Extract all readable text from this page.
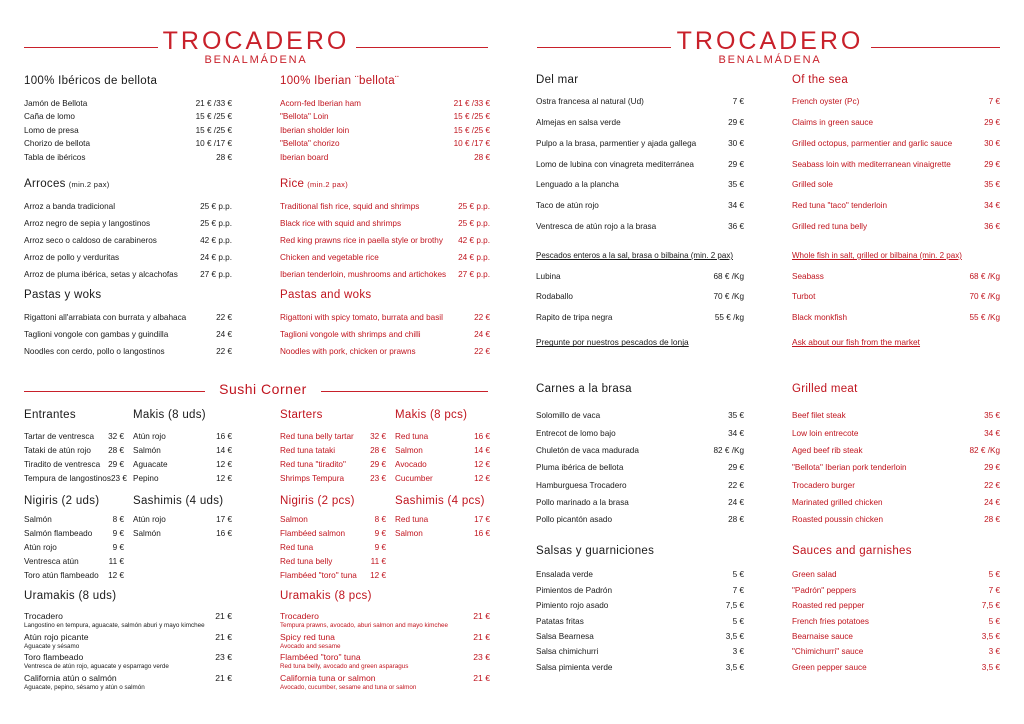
TROCADERO
BENALMÁDENA
TROCADERO
BENALMÁDENA
100% Ibéricos de bellota
Jamón de Bellota	21 € /33 €
Caña de lomo	15 € /25 €
Lomo de presa	15 € /25 €
Chorizo de bellota	10 € /17 €
Tabla de ibéricos	28 €
Arroces (min.2 pax)
Arroz a banda tradicional	25 € p.p.
Arroz negro de sepia y langostinos	25 € p.p.
Arroz seco o caldoso de carabineros	42 € p.p.
Arroz de pollo y verduritas	24 € p.p.
Arroz de pluma ibérica, setas y alcachofas	27 € p.p.
Pastas y woks
Rigattoni all'arrabiata con burrata y albahaca	22 €
Taglioni vongole con gambas y guindilla	24 €
Noodles con cerdo, pollo o langostinos	22 €
100% Iberian ¨bellota¨
Acorn-fed Iberian ham	21 € /33 €
"Bellota" Loin	15 € /25 €
Iberian sholder loin	15 € /25 €
"Bellota" chorizo	10 € /17 €
Iberian board	28 €
Rice (min.2 pax)
Traditional fish rice, squid and shrimps	25 € p.p.
Black rice with squid and shrimps	25 € p.p.
Red king prawns rice in paella style or brothy 42 € p.p.
Chicken and vegetable rice	24 € p.p.
Iberian tenderloin, mushrooms and artichokes 27 € p.p.
Pastas and woks
Rigattoni with spicy tomato, burrata and basil	22 €
Taglioni vongole with shrimps and chilli	24 €
Noodles with pork, chicken or prawns	22 €
Sushi Corner
Entrantes
Tartar de ventresca 32 €
Tataki de atún rojo 28 €
Tiradito de ventresca 29 €
Tempura de langostinos 23 €
Makis (8 uds)
Atún rojo	16 €
Salmón	14 €
Aguacate	12 €
Pepino	12 €
Nigiris (2 uds)
Salmón	8 €
Salmón flambeado 9 €
Atún rojo	9 €
Ventresca atún	11 €
Toro atún flambeado 12 €
Sashimis (4 uds)
Atún rojo	17 €
Salmón	16 €
Uramakis (8 uds)
Trocadero	21 €
Langostino en tempura, aguacate, salmón aburi y mayo kimchee
Atún rojo picante	21 €
Aguacate y sésamo
Toro flambeado	23 €
Ventresca de atún rojo, aguacate y esparrago verde
California atún o salmón	21 €
Aguacate, pepino, sésamo y atún o salmón
Starters
Red tuna belly tartar 32 €
Red tuna tataki	28 €
Red tuna "tiradito"	29 €
Shrimps Tempura	23 €
Makis (8 pcs)
Red tuna	16 €
Salmon	14 €
Avocado	12 €
Cucumber	12 €
Nigiris (2 pcs)
Salmon	8 €
Flambéed salmon	9 €
Red tuna	9 €
Red tuna belly	11 €
Flambéed "toro" tuna 12 €
Sashimis (4 pcs)
Red tuna	17 €
Salmon	16 €
Uramakis (8 pcs)
Trocadero	21 €
Tempura prawns, avocado, aburi salmon and mayo kimchee
Spicy red tuna	21 €
Avocado and sesame
Flambéed "toro" tuna	23 €
Red tuna belly, avocado and green asparagus
California tuna or salmon	21 €
Avocado, cucumber, sesame and tuna or salmon
Del mar
Ostra francesa al natural (Ud)	7 €
Almejas en salsa verde	29 €
Pulpo a la brasa, parmentier y ajada gallega	30 €
Lomo de lubina con vinagreta mediterránea	29 €
Lenguado a la plancha	35 €
Taco de atún rojo	34 €
Ventresca de atún rojo a la brasa	36 €
Pescados enteros a la sal, brasa o bilbaina (min. 2 pax)
Lubina	68 € /Kg
Rodaballo	70 € /Kg
Rapito de tripa negra	55 € /kg
Pregunte por nuestros pescados de lonja
Carnes a la brasa
Solomillo de vaca	35 €
Entrecot de lomo bajo	34 €
Chuletón de vaca madurada	82 € /Kg
Pluma ibérica de bellota	29 €
Hamburguesa Trocadero	22 €
Pollo marinado a la brasa	24 €
Pollo picantón asado	28 €
Salsas y guarniciones
Ensalada verde	5 €
Pimientos de Padrón	7 €
Pimiento rojo asado	7,5 €
Patatas fritas	5 €
Salsa Bearnesa	3,5 €
Salsa chimichurri	3 €
Salsa pimienta verde	3,5 €
Of the sea
French oyster (Pc)	7 €
Claims in green sauce	29 €
Grilled octopus, parmentier and garlic sauce	30 €
Seabass loin with mediterranean vinaigrette	29 €
Grilled sole	35 €
Red tuna "taco" tenderloin	34 €
Grilled red tuna belly	36 €
Whole fish in salt, grilled or bilbaina (min. 2 pax)
Seabass	68 € /Kg
Turbot	70 € /Kg
Black monkfish	55 € /Kg
Ask about our fish from the market
Grilled meat
Beef filet steak	35 €
Low loin entrecote	34 €
Aged beef rib steak	82 € /Kg
"Bellota" Iberian pork tenderloin	29 €
Trocadero burger	22 €
Marinated grilled chicken	24 €
Roasted poussin chicken	28 €
Sauces and garnishes
Green salad	5 €
"Padrón" peppers	7 €
Roasted red pepper	7,5 €
French fries potatoes	5 €
Bearnaise sauce	3,5 €
"Chimichurri" sauce	3 €
Green pepper sauce	3,5 €
